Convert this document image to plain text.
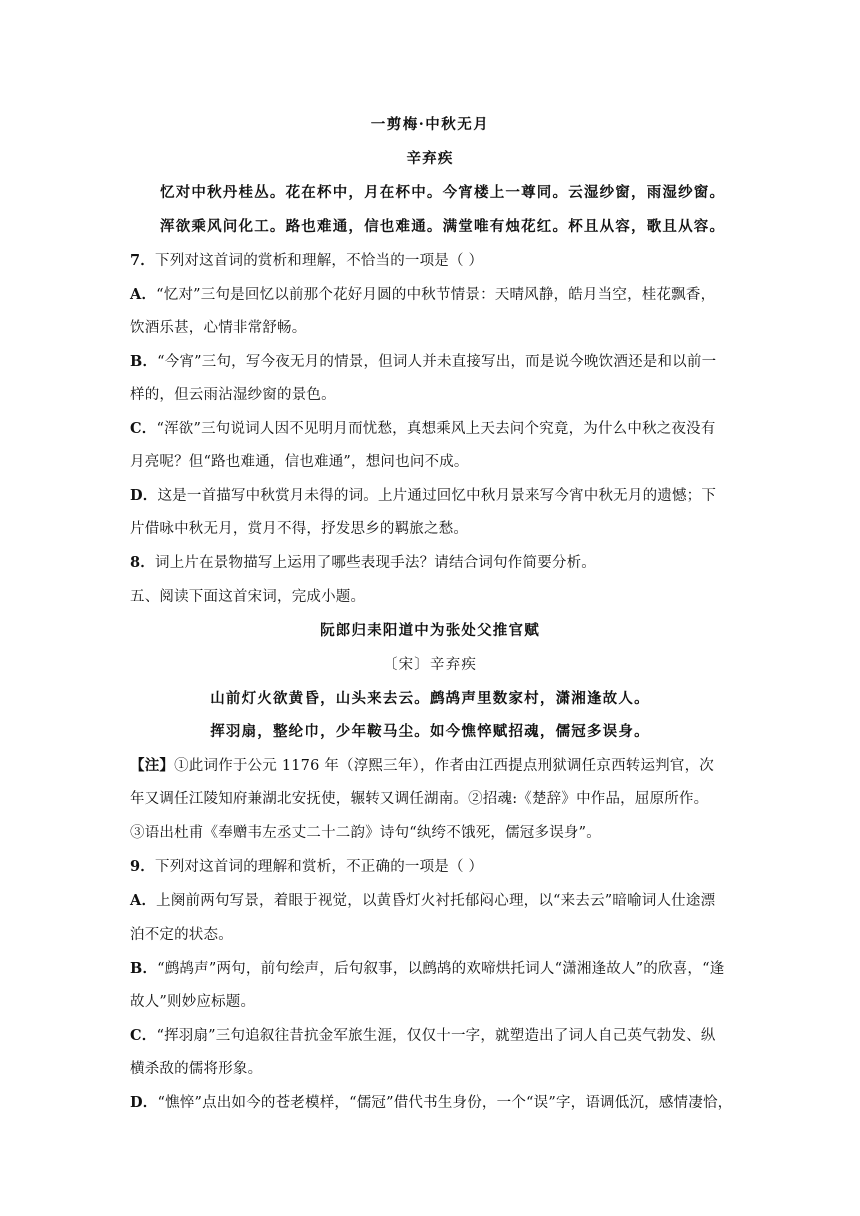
一剪梅·中秋无月
辛弃疾
忆对中秋丹桂丛。花在杯中，月在杯中。今宵楼上一尊同。云湿纱窗，雨湿纱窗。
浑欲乘风问化工。路也难通，信也难通。满堂唯有烛花红。杯且从容，歌且从容。
7．下列对这首词的赏析和理解，不恰当的一项是（ ）
A．“忆对”三句是回忆以前那个花好月圆的中秋节情景：天晴风静，皓月当空，桂花飘香，
饮酒乐甚，心情非常舒畅。
B．“今宵”三句，写今夜无月的情景，但词人并未直接写出，而是说今晚饮酒还是和以前一
样的，但云雨沾湿纱窗的景色。
C．“浑欲”三句说词人因不见明月而忧愁，真想乘风上天去问个究竟，为什么中秋之夜没有
月亮呢？但“路也难通，信也难通”，想问也问不成。
D．这是一首描写中秋赏月未得的词。上片通过回忆中秋月景来写今宵中秋无月的遗憾；下
片借咏中秋无月，赏月不得，抒发思乡的羁旅之愁。
8．词上片在景物描写上运用了哪些表现手法？请结合词句作简要分析。
五、阅读下面这首宋词，完成小题。
阮郎归耒阳道中为张处父推官赋
〔宋〕辛弃疾
山前灯火欲黄昏，山头来去云。鹧鸪声里数家村，潇湘逢故人。
挥羽扇，整纶巾，少年鞍马尘。如今憔悴赋招魂，儒冠多误身。
【注】①此词作于公元 1176 年（淳熙三年），作者由江西提点刑狱调任京西转运判官，次
年又调任江陵知府兼湖北安抚使，辗转又调任湖南。②招魂:《楚辞》中作品，屈原所作。
③语出杜甫《奉赠韦左丞丈二十二韵》诗句“纨绔不饿死，儒冠多误身”。
9．下列对这首词的理解和赏析，不正确的一项是（ ）
A．上阕前两句写景，着眼于视觉，以黄昏灯火衬托郁闷心理，以“来去云”暗喻词人仕途漂
泊不定的状态。
B．“鹧鸪声”两句，前句绘声，后句叙事，以鹧鸪的欢啼烘托词人“潇湘逢故人”的欣喜，“逢
故人”则妙应标题。
C．“挥羽扇”三句追叙往昔抗金军旅生涯，仅仅十一字，就塑造出了词人自己英气勃发、纵
横杀敌的儒将形象。
D．“憔悴”点出如今的苍老模样，“儒冠”借代书生身份，一个“误”字，语调低沉，感情凄恰，
